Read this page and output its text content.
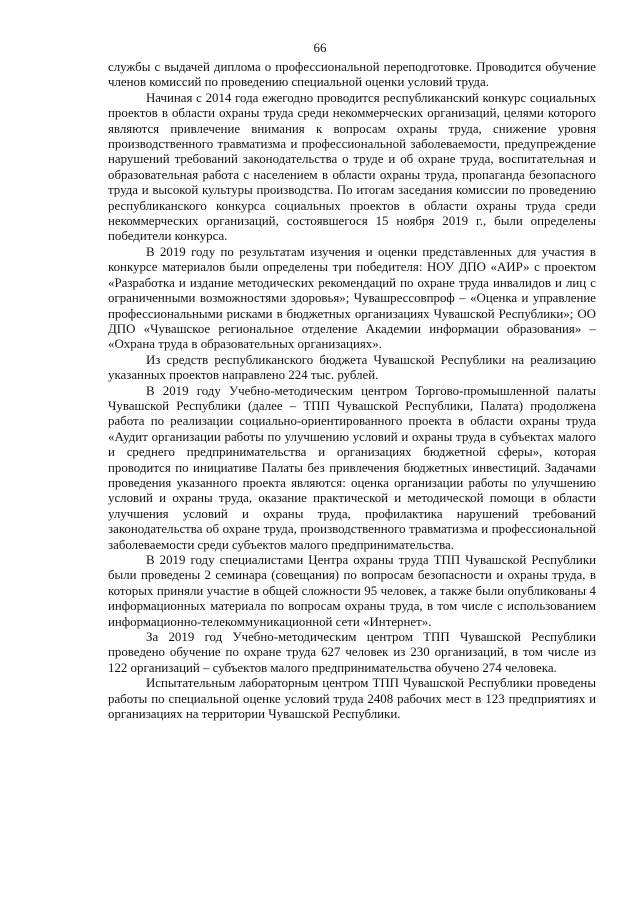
66

службы с выдачей диплома о профессиональной переподготовке. Проводится обучение членов комиссий по проведению специальной оценки условий труда.

Начиная с 2014 года ежегодно проводится республиканский конкурс социальных проектов в области охраны труда среди некоммерческих организаций, целями которого являются привлечение внимания к вопросам охраны труда, снижение уровня производственного травматизма и профессиональной заболеваемости, предупреждение нарушений требований законодательства о труде и об охране труда, воспитательная и образовательная работа с населением в области охраны труда, пропаганда безопасного труда и высокой культуры производства. По итогам заседания комиссии по проведению республиканского конкурса социальных проектов в области охраны труда среди некоммерческих организаций, состоявшегося 15 ноября 2019 г., были определены победители конкурса.

В 2019 году по результатам изучения и оценки представленных для участия в конкурсе материалов были определены три победителя: НОУ ДПО «АИР» с проектом «Разработка и издание методических рекомендаций по охране труда инвалидов и лиц с ограниченными возможностями здоровья»; Чувашрессовпроф – «Оценка и управление профессиональными рисками в бюджетных организациях Чувашской Республики»; ОО ДПО «Чувашское региональное отделение Академии информации образования» – «Охрана труда в образовательных организациях».

Из средств республиканского бюджета Чувашской Республики на реализацию указанных проектов направлено 224 тыс. рублей.

В 2019 году Учебно-методическим центром Торгово-промышленной палаты Чувашской Республики (далее – ТПП Чувашской Республики, Палата) продолжена работа по реализации социально-ориентированного проекта в области охраны труда «Аудит организации работы по улучшению условий и охраны труда в субъектах малого и среднего предпринимательства и организациях бюджетной сферы», которая проводится по инициативе Палаты без привлечения бюджетных инвестиций. Задачами проведения указанного проекта являются: оценка организации работы по улучшению условий и охраны труда, оказание практической и методической помощи в области улучшения условий и охраны труда, профилактика нарушений требований законодательства об охране труда, производственного травматизма и профессиональной заболеваемости среди субъектов малого предпринимательства.

В 2019 году специалистами Центра охраны труда ТПП Чувашской Республики были проведены 2 семинара (совещания) по вопросам безопасности и охраны труда, в которых приняли участие в общей сложности 95 человек, а также были опубликованы 4 информационных материала по вопросам охраны труда, в том числе с использованием информационно-телекоммуникационной сети «Интернет».

За 2019 год Учебно-методическим центром ТПП Чувашской Республики проведено обучение по охране труда 627 человек из 230 организаций, в том числе из 122 организаций – субъектов малого предпринимательства обучено 274 человека.

Испытательным лабораторным центром ТПП Чувашской Республики проведены работы по специальной оценке условий труда 2408 рабочих мест в 123 предприятиях и организациях на территории Чувашской Республики.
